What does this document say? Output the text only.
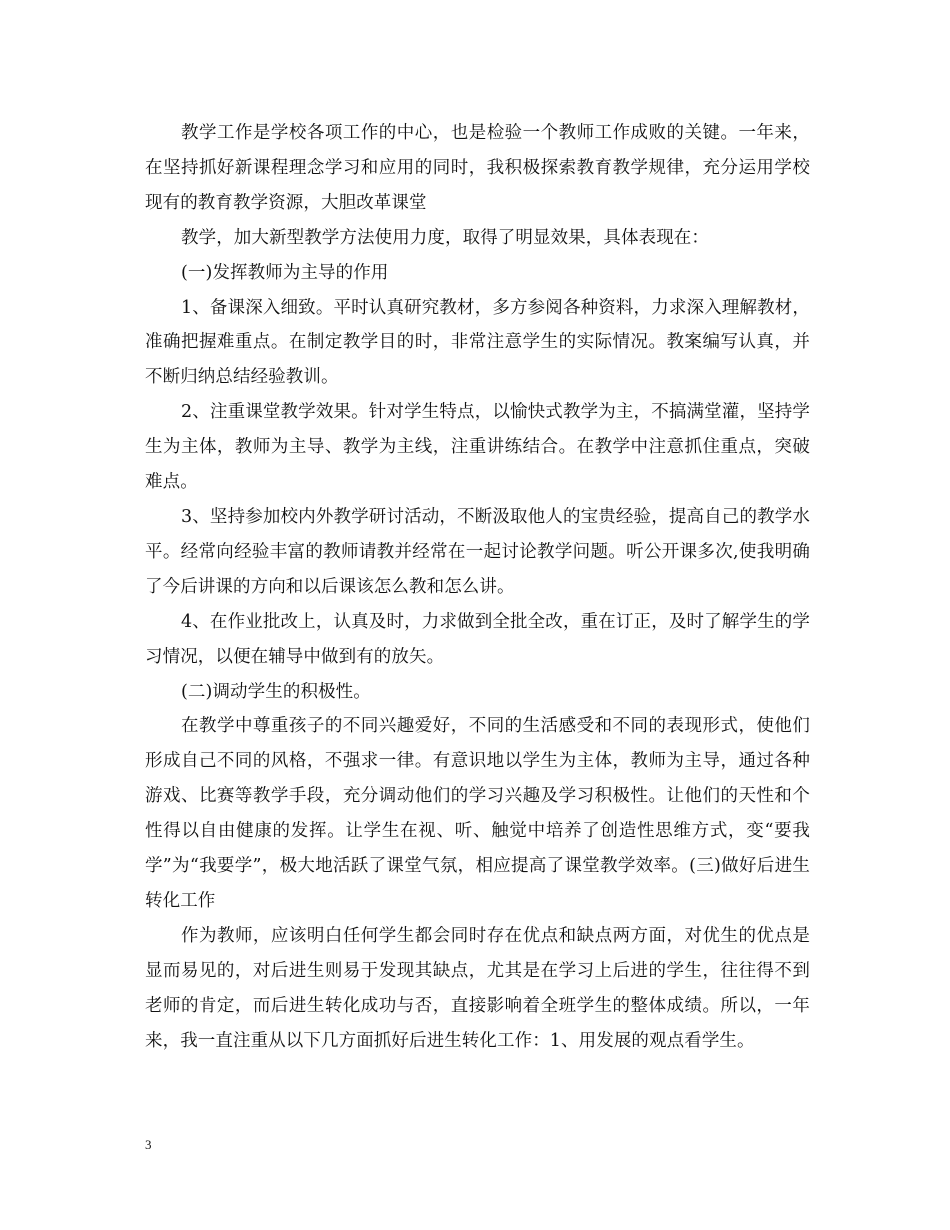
教学工作是学校各项工作的中心，也是检验一个教师工作成败的关键。一年来，在坚持抓好新课程理念学习和应用的同时，我积极探索教育教学规律，充分运用学校现有的教育教学资源，大胆改革课堂

教学，加大新型教学方法使用力度，取得了明显效果，具体表现在：

(一)发挥教师为主导的作用

1、备课深入细致。平时认真研究教材，多方参阅各种资料，力求深入理解教材，准确把握难重点。在制定教学目的时，非常注意学生的实际情况。教案编写认真，并不断归纳总结经验教训。

2、注重课堂教学效果。针对学生特点，以愉快式教学为主，不搞满堂灌，坚持学生为主体，教师为主导、教学为主线，注重讲练结合。在教学中注意抓住重点，突破难点。

3、坚持参加校内外教学研讨活动，不断汲取他人的宝贵经验，提高自己的教学水平。经常向经验丰富的教师请教并经常在一起讨论教学问题。听公开课多次,使我明确了今后讲课的方向和以后课该怎么教和怎么讲。

4、在作业批改上，认真及时，力求做到全批全改，重在订正，及时了解学生的学习情况，以便在辅导中做到有的放矢。

(二)调动学生的积极性。

在教学中尊重孩子的不同兴趣爱好，不同的生活感受和不同的表现形式，使他们形成自己不同的风格，不强求一律。有意识地以学生为主体，教师为主导，通过各种游戏、比赛等教学手段，充分调动他们的学习兴趣及学习积极性。让他们的天性和个性得以自由健康的发挥。让学生在视、听、触觉中培养了创造性思维方式，变“要我学”为“我要学”，极大地活跃了课堂气氛，相应提高了课堂教学效率。(三)做好后进生转化工作

作为教师，应该明白任何学生都会同时存在优点和缺点两方面，对优生的优点是显而易见的，对后进生则易于发现其缺点，尤其是在学习上后进的学生，往往得不到老师的肯定，而后进生转化成功与否，直接影响着全班学生的整体成绩。所以，一年来，我一直注重从以下几方面抓好后进生转化工作：1、用发展的观点看学生。

3
